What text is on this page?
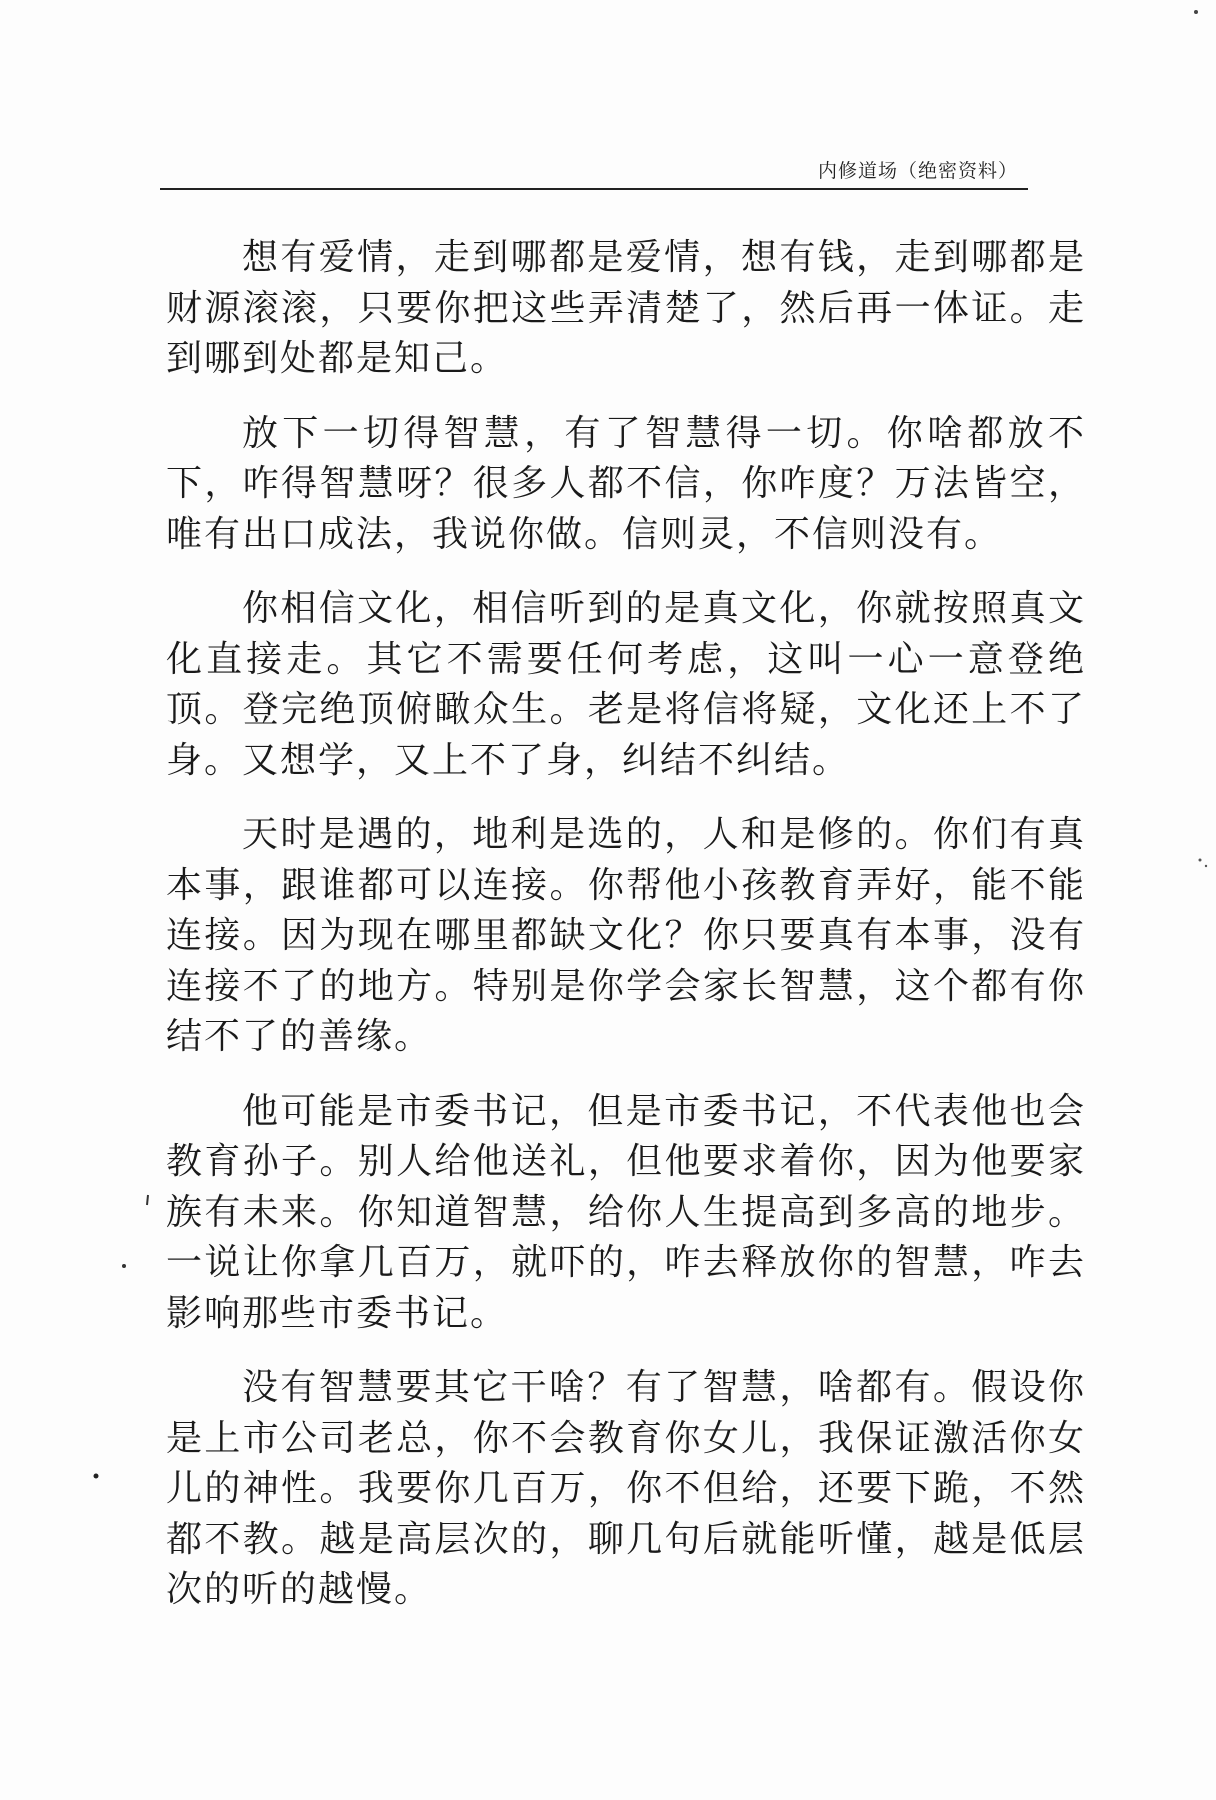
内修道场（绝密资料）

想有爱情，走到哪都是爱情，想有钱，走到哪都是财源滚滚，只要你把这些弄清楚了，然后再一体证。走到哪到处都是知己。

放下一切得智慧，有了智慧得一切。你啥都放不下，咋得智慧呀？很多人都不信，你咋度？万法皆空，唯有出口成法，我说你做。信则灵，不信则没有。

你相信文化，相信听到的是真文化，你就按照真文化直接走。其它不需要任何考虑，这叫一心一意登绝顶。登完绝顶俯瞰众生。老是将信将疑，文化还上不了身。又想学，又上不了身，纠结不纠结。

天时是遇的，地利是选的，人和是修的。你们有真本事，跟谁都可以连接。你帮他小孩教育弄好，能不能连接。因为现在哪里都缺文化？你只要真有本事，没有连接不了的地方。特别是你学会家长智慧，这个都有你结不了的善缘。

他可能是市委书记，但是市委书记，不代表他也会教育孙子。别人给他送礼，但他要求着你，因为他要家族有未来。你知道智慧，给你人生提高到多高的地步。一说让你拿几百万，就吓的，咋去释放你的智慧，咋去影响那些市委书记。

没有智慧要其它干啥？有了智慧，啥都有。假设你是上市公司老总，你不会教育你女儿，我保证激活你女儿的神性。我要你几百万，你不但给，还要下跪，不然都不教。越是高层次的，聊几句后就能听懂，越是低层次的听的越慢。
